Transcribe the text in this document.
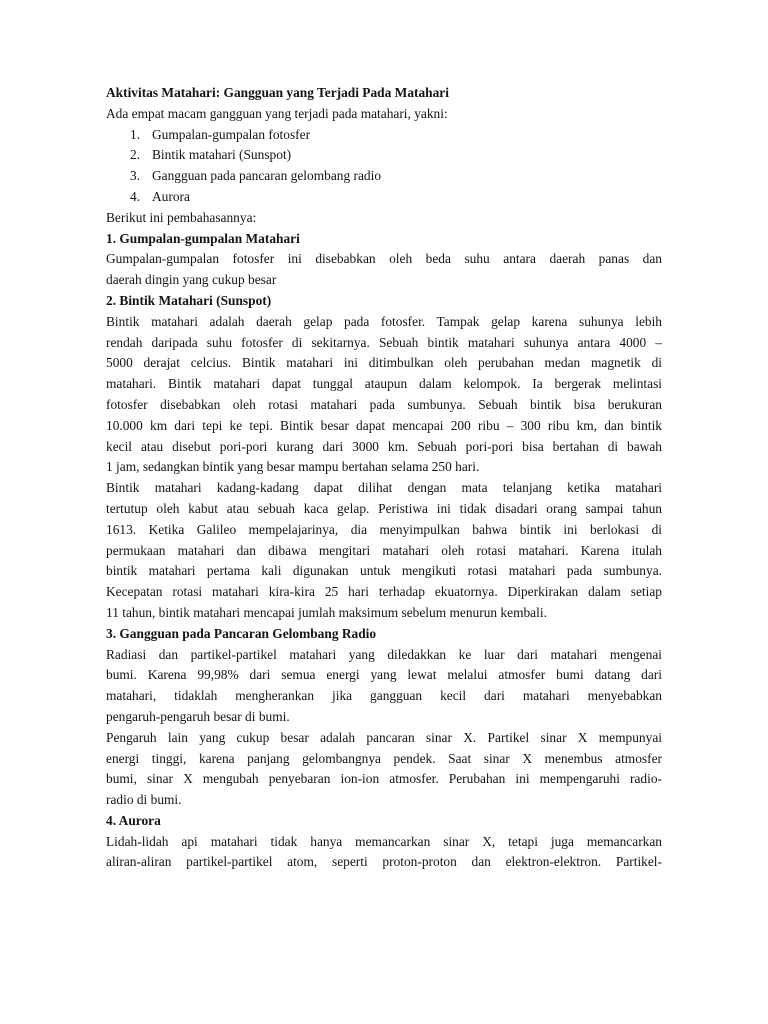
Aktivitas Matahari: Gangguan yang Terjadi Pada Matahari
Ada empat macam gangguan yang terjadi pada matahari, yakni:
1. Gumpalan-gumpalan fotosfer
2. Bintik matahari (Sunspot)
3. Gangguan pada pancaran gelombang radio
4. Aurora
Berikut ini pembahasannya:
1. Gumpalan-gumpalan Matahari
Gumpalan-gumpalan fotosfer ini disebabkan oleh beda suhu antara daerah panas dan
daerah dingin yang cukup besar
2. Bintik Matahari (Sunspot)
Bintik matahari adalah daerah gelap pada fotosfer. Tampak gelap karena suhunya lebih
rendah daripada suhu fotosfer di sekitarnya. Sebuah bintik matahari suhunya antara 4000 –
5000 derajat celcius. Bintik matahari ini ditimbulkan oleh perubahan medan magnetik di
matahari. Bintik matahari dapat tunggal ataupun dalam kelompok. Ia bergerak melintasi
fotosfer disebabkan oleh rotasi matahari pada sumbunya. Sebuah bintik bisa berukuran
10.000 km dari tepi ke tepi. Bintik besar dapat mencapai 200 ribu – 300 ribu km, dan bintik
kecil atau disebut pori-pori kurang dari 3000 km. Sebuah pori-pori bisa bertahan di bawah
1 jam, sedangkan bintik yang besar mampu bertahan selama 250 hari.
Bintik matahari kadang-kadang dapat dilihat dengan mata telanjang ketika matahari
tertutup oleh kabut atau sebuah kaca gelap. Peristiwa ini tidak disadari orang sampai tahun
1613. Ketika Galileo mempelajarinya, dia menyimpulkan bahwa bintik ini berlokasi di
permukaan matahari dan dibawa mengitari matahari oleh rotasi matahari. Karena itulah
bintik matahari pertama kali digunakan untuk mengikuti rotasi matahari pada sumbunya.
Kecepatan rotasi matahari kira-kira 25 hari terhadap ekuatornya. Diperkirakan dalam setiap
11 tahun, bintik matahari mencapai jumlah maksimum sebelum menurun kembali.
3. Gangguan pada Pancaran Gelombang Radio
Radiasi dan partikel-partikel matahari yang diledakkan ke luar dari matahari mengenai
bumi. Karena 99,98% dari semua energi yang lewat melalui atmosfer bumi datang dari
matahari, tidaklah mengherankan jika gangguan kecil dari matahari menyebabkan
pengaruh-pengaruh besar di bumi.
Pengaruh lain yang cukup besar adalah pancaran sinar X. Partikel sinar X mempunyai
energi tinggi, karena panjang gelombangnya pendek. Saat sinar X menembus atmosfer
bumi, sinar X mengubah penyebaran ion-ion atmosfer. Perubahan ini mempengaruhi radio-
radio di bumi.
4. Aurora
Lidah-lidah api matahari tidak hanya memancarkan sinar X, tetapi juga memancarkan
aliran-aliran partikel-partikel atom, seperti proton-proton dan elektron-elektron. Partikel-
